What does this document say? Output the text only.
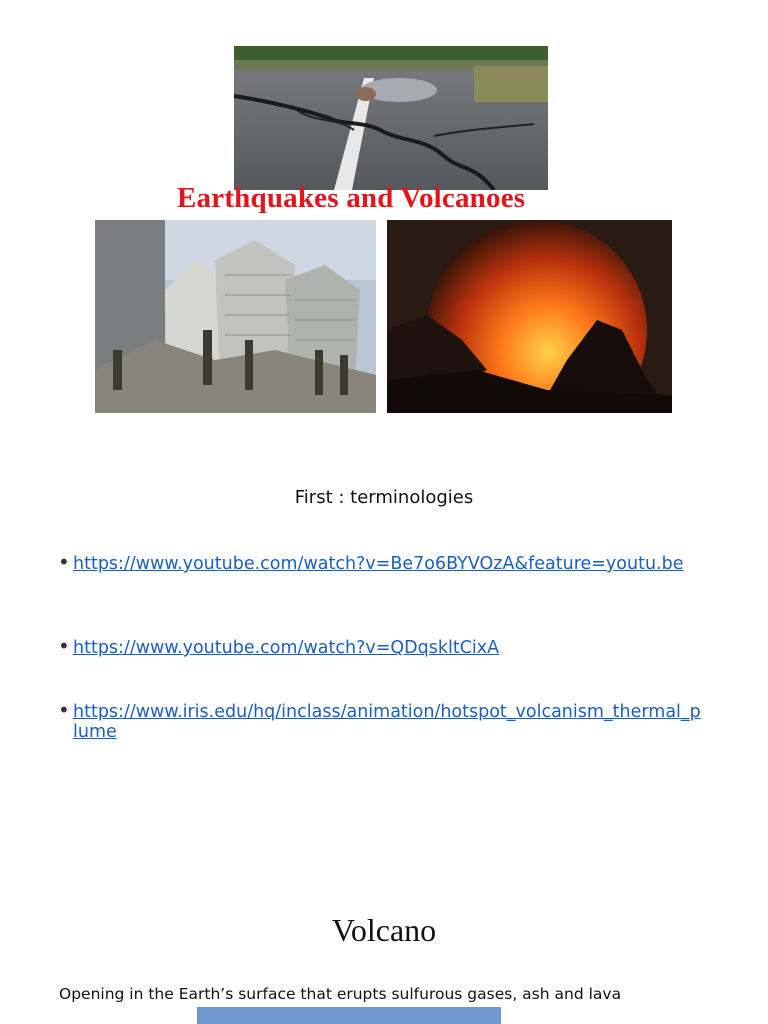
Earthquakes and Volcanoes
First : terminologies
• https://www.youtube.com/watch?v=Be7o6BYVOzA&feature=youtu.be
• https://www.youtube.com/watch?v=QDqskltCixA
• https://www.iris.edu/hq/inclass/animation/hotspot_volcanism_thermal_plume
Volcano
Opening in the Earth’s surface that erupts sulfurous gases, ash and lava
